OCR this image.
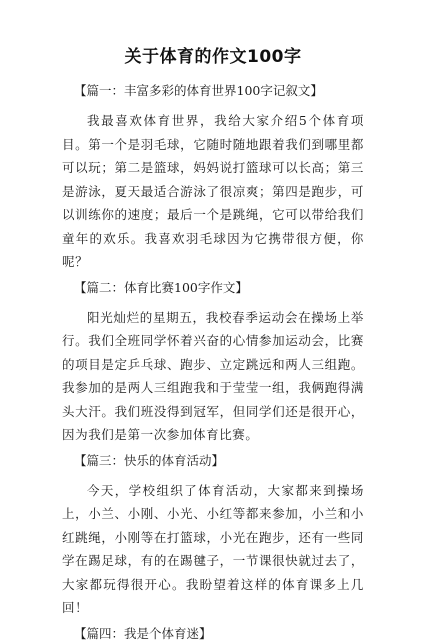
关于体育的作文100字
【篇一：丰富多彩的体育世界100字记叙文】

我最喜欢体育世界，我给大家介绍5个体育项目。第一个是羽毛球，它随时随地跟着我们到哪里都可以玩；第二是篮球，妈妈说打篮球可以长高；第三是游泳，夏天最适合游泳了很凉爽；第四是跑步，可以训练你的速度；最后一个是跳绳，它可以带给我们童年的欢乐。我喜欢羽毛球因为它携带很方便，你呢？

【篇二：体育比赛100字作文】

阳光灿烂的星期五，我校春季运动会在操场上举行。我们全班同学怀着兴奋的心情参加运动会，比赛的项目是定乒乓球、跑步、立定跳远和两人三组跑。我参加的是两人三组跑我和于莹莹一组，我俩跑得满头大汗。我们班没得到冠军，但同学们还是很开心，因为我们是第一次参加体育比赛。

【篇三：快乐的体育活动】

今天，学校组织了体育活动，大家都来到操场上，小兰、小刚、小光、小红等都来参加，小兰和小红跳绳，小刚等在打篮球，小光在跑步，还有一些同学在踢足球，有的在踢毽子，一节课很快就过去了，大家都玩得很开心。我盼望着这样的体育课多上几回！

【篇四：我是个体育迷】
